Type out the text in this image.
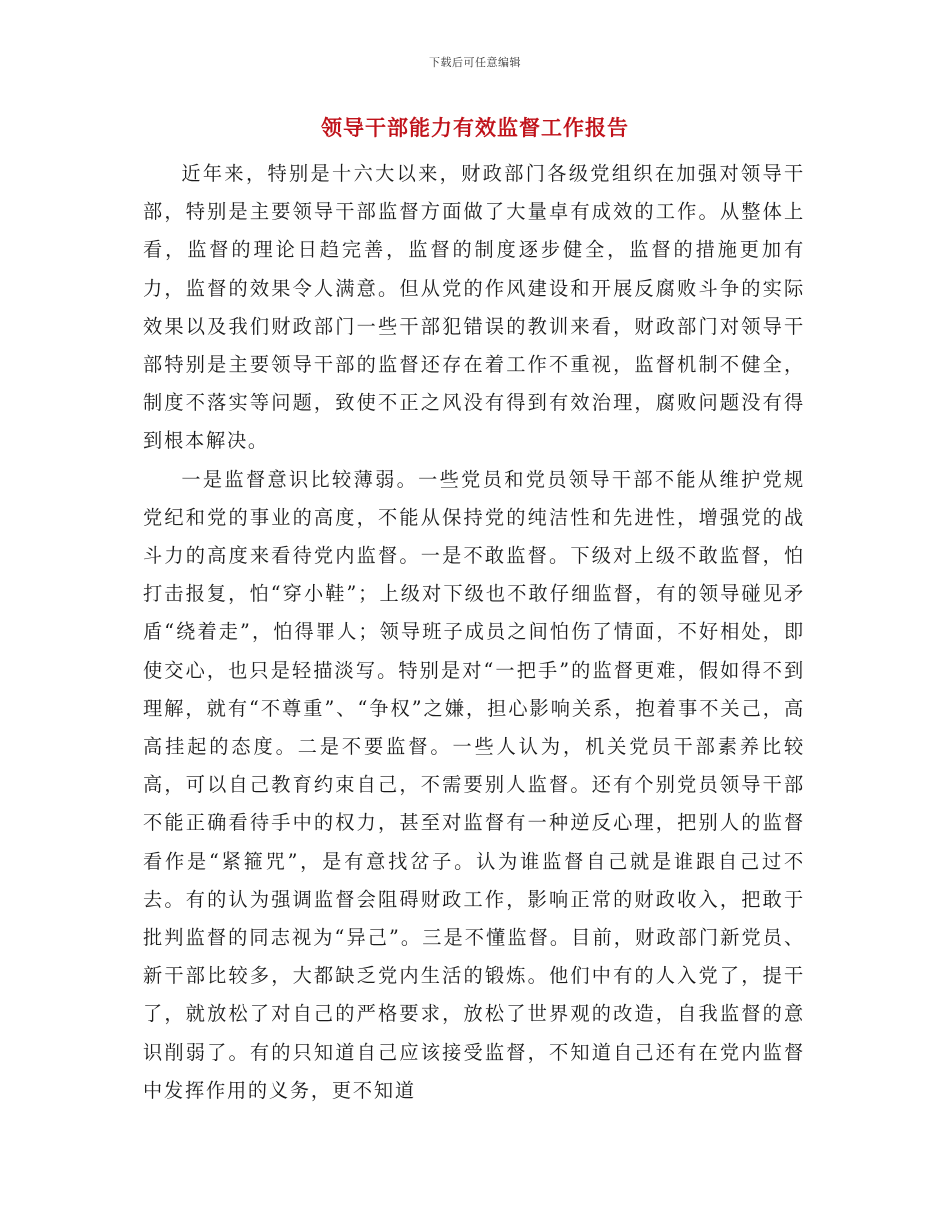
下载后可任意编辑
领导干部能力有效监督工作报告

近年来，特别是十六大以来，财政部门各级党组织在加强对领导干部，特别是主要领导干部监督方面做了大量卓有成效的工作。从整体上看，监督的理论日趋完善，监督的制度逐步健全，监督的措施更加有力，监督的效果令人满意。但从党的作风建设和开展反腐败斗争的实际效果以及我们财政部门一些干部犯错误的教训来看，财政部门对领导干部特别是主要领导干部的监督还存在着工作不重视，监督机制不健全，制度不落实等问题，致使不正之风没有得到有效治理，腐败问题没有得到根本解决。

一是监督意识比较薄弱。一些党员和党员领导干部不能从维护党规党纪和党的事业的高度，不能从保持党的纯洁性和先进性，增强党的战斗力的高度来看待党内监督。一是不敢监督。下级对上级不敢监督，怕打击报复，怕“穿小鞋”；上级对下级也不敢仔细监督，有的领导碰见矛盾“绕着走”，怕得罪人；领导班子成员之间怕伤了情面，不好相处，即使交心，也只是轻描淡写。特别是对“一把手”的监督更难，假如得不到理解，就有“不尊重”、“争权”之嫌，担心影响关系，抱着事不关己，高高挂起的态度。二是不要监督。一些人认为，机关党员干部素养比较高，可以自己教育约束自己，不需要别人监督。还有个别党员领导干部不能正确看待手中的权力，甚至对监督有一种逆反心理，把别人的监督看作是“紧箍咒”，是有意找岔子。认为谁监督自己就是谁跟自己过不去。有的认为强调监督会阻碍财政工作，影响正常的财政收入，把敢于批判监督的同志视为“异己”。三是不懂监督。目前，财政部门新党员、新干部比较多，大都缺乏党内生活的锻炼。他们中有的人入党了，提干了，就放松了对自己的严格要求，放松了世界观的改造，自我监督的意识削弱了。有的只知道自己应该接受监督，不知道自己还有在党内监督中发挥作用的义务，更不知道
